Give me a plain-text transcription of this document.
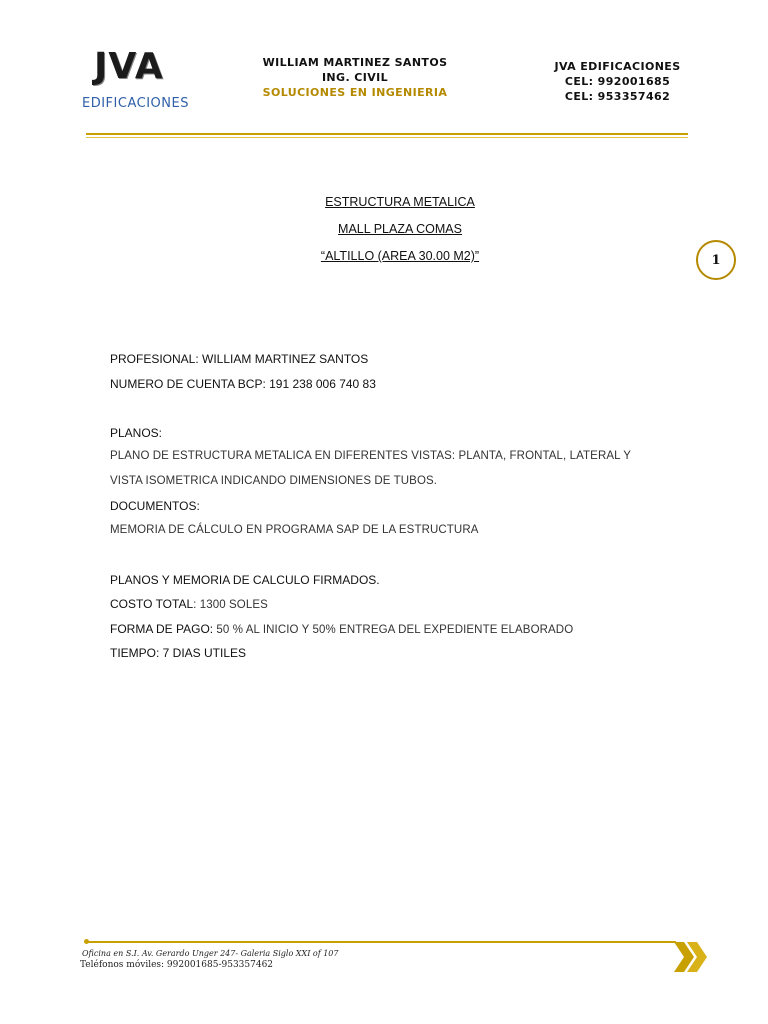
JVA
EDIFICACIONES
WILLIAM MARTINEZ SANTOS
ING. CIVIL
SOLUCIONES EN INGENIERIA
JVA EDIFICACIONES
CEL: 992001685
CEL: 953357462
ESTRUCTURA METALICA
MALL PLAZA COMAS
“ALTILLO (AREA 30.00 M2)”	1
PROFESIONAL: WILLIAM MARTINEZ SANTOS
NUMERO DE CUENTA BCP: 191 238 006 740 83
PLANOS:
PLANO DE ESTRUCTURA METALICA EN DIFERENTES VISTAS: PLANTA, FRONTAL, LATERAL Y
VISTA ISOMETRICA INDICANDO DIMENSIONES DE TUBOS.
DOCUMENTOS:
MEMORIA DE CÁLCULO EN PROGRAMA SAP DE LA ESTRUCTURA
PLANOS Y MEMORIA DE CALCULO FIRMADOS.
COSTO TOTAL: 1300 SOLES
FORMA DE PAGO: 50 % AL INICIO Y 50% ENTREGA DEL EXPEDIENTE ELABORADO
TIEMPO: 7 DIAS UTILES
Oficina en S.I. Av. Gerardo Unger 247- Galeria Siglo XXI of 107
Teléfonos móviles: 992001685-953357462
